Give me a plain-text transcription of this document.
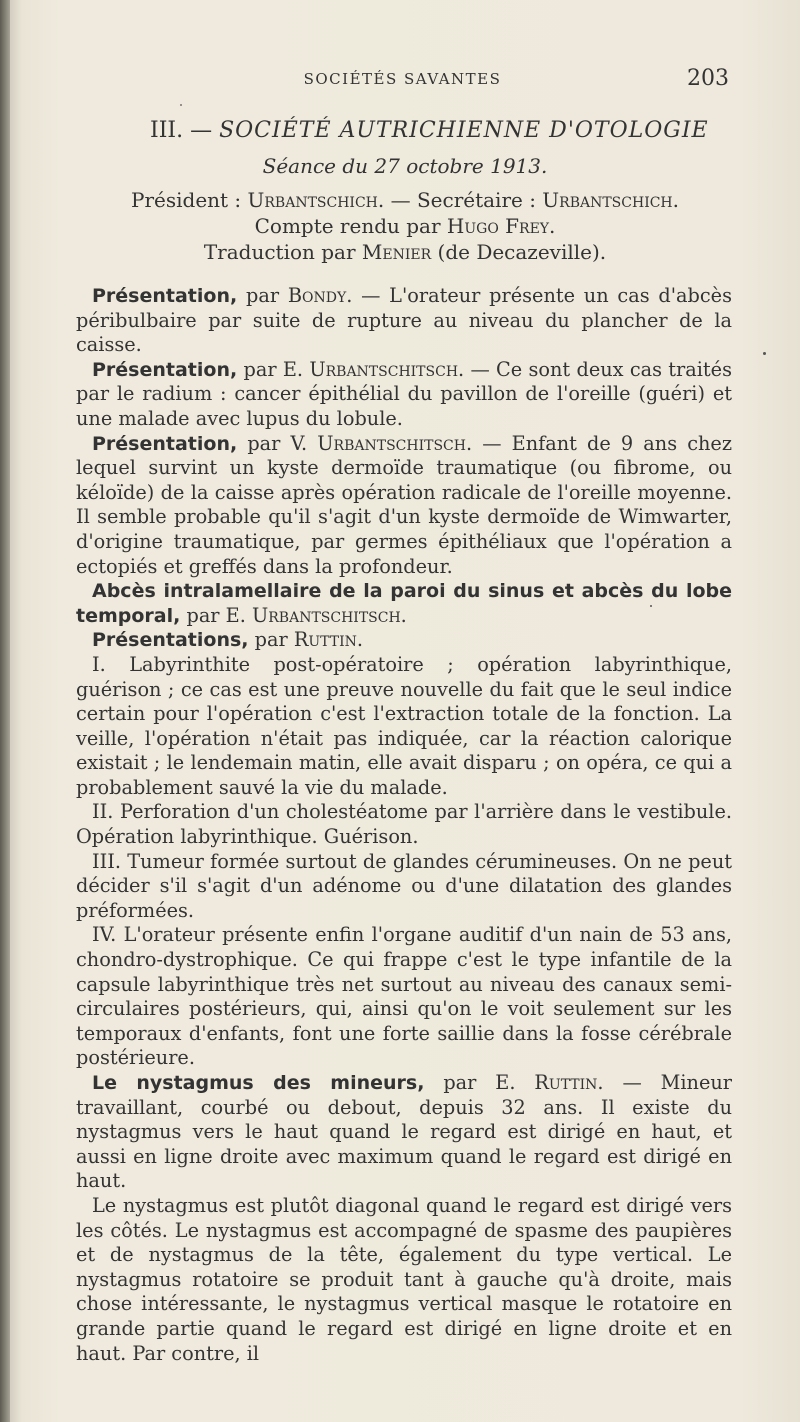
SOCIÉTÉS SAVANTES	203
III. — SOCIÉTÉ AUTRICHIENNE D'OTOLOGIE
Séance du 27 octobre 1913.
Président : Urbantschich. — Secrétaire : Urbantschich.
Compte rendu par Hugo Frey.
Traduction par Menier (de Decazeville).

Présentation, par Bondy. — L'orateur présente un cas d'abcès péribulbaire par suite de rupture au niveau du plancher de la caisse.

Présentation, par E. Urbantschitsch. — Ce sont deux cas traités par le radium : cancer épithélial du pavillon de l'oreille (guéri) et une malade avec lupus du lobule.

Présentation, par V. Urbantschitsch. — Enfant de 9 ans chez lequel survint un kyste dermoïde traumatique (ou fibrome, ou kéloïde) de la caisse après opération radicale de l'oreille moyenne. Il semble probable qu'il s'agit d'un kyste dermoïde de Wimwarter, d'origine traumatique, par germes épithéliaux que l'opération a ectopiés et greffés dans la profondeur.

Abcès intralamellaire de la paroi du sinus et abcès du lobe temporal, par E. Urbantschitsch.

Présentations, par Ruttin.

I. Labyrinthite post-opératoire ; opération labyrinthique, guérison ; ce cas est une preuve nouvelle du fait que le seul indice certain pour l'opération c'est l'extraction totale de la fonction. La veille, l'opération n'était pas indiquée, car la réaction calorique existait ; le lendemain matin, elle avait disparu ; on opéra, ce qui a probablement sauvé la vie du malade.

II. Perforation d'un cholestéatome par l'arrière dans le vestibule. Opération labyrinthique. Guérison.

III. Tumeur formée surtout de glandes cérumineuses. On ne peut décider s'il s'agit d'un adénome ou d'une dilatation des glandes préformées.

IV. L'orateur présente enfin l'organe auditif d'un nain de 53 ans, chondro-dystrophique. Ce qui frappe c'est le type infantile de la capsule labyrinthique très net surtout au niveau des canaux semi-circulaires postérieurs, qui, ainsi qu'on le voit seulement sur les temporaux d'enfants, font une forte saillie dans la fosse cérébrale postérieure.

Le nystagmus des mineurs, par E. Ruttin. — Mineur travaillant, courbé ou debout, depuis 32 ans. Il existe du nystagmus vers le haut quand le regard est dirigé en haut, et aussi en ligne droite avec maximum quand le regard est dirigé en haut.

Le nystagmus est plutôt diagonal quand le regard est dirigé vers les côtés. Le nystagmus est accompagné de spasme des paupières et de nystagmus de la tête, également du type vertical. Le nystagmus rotatoire se produit tant à gauche qu'à droite, mais chose intéressante, le nystagmus vertical masque le rotatoire en grande partie quand le regard est dirigé en ligne droite et en haut. Par contre, il
